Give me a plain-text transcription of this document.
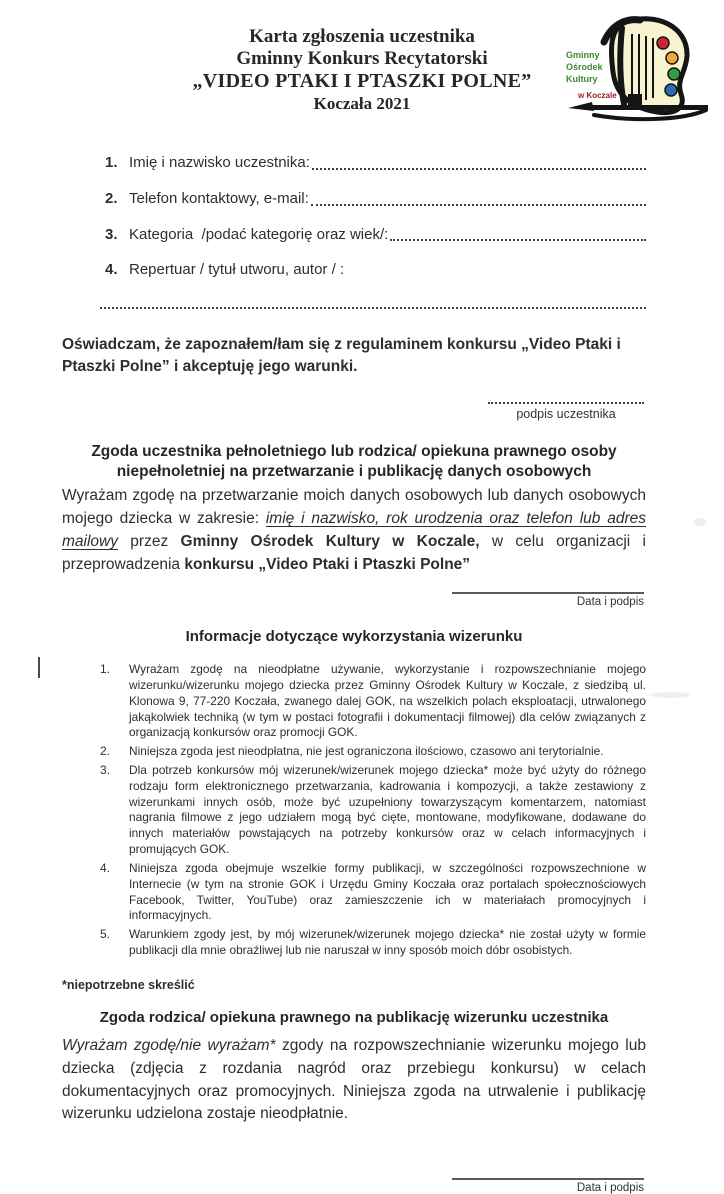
Karta zgłoszenia uczestnika
Gminny Konkurs Recytatorski
„VIDEO PTAKI I PTASZKI POLNE”
Koczała 2021
Gminny
Ośrodek
Kultury
w Koczale
1. Imię i nazwisko uczestnika:
2. Telefon kontaktowy, e-mail:
3. Kategoria  /podać kategorię oraz wiek/:
4. Repertuar / tytuł utworu, autor / :

Oświadczam, że zapoznałem/łam się z regulaminem konkursu „Video Ptaki i Ptaszki Polne” i akceptuję jego warunki.

podpis uczestnika
Zgoda uczestnika pełnoletniego lub rodzica/ opiekuna prawnego osoby niepełnoletniej na przetwarzanie i publikację danych osobowych

Wyrażam zgodę na przetwarzanie moich danych osobowych lub danych osobowych mojego dziecka w zakresie: imię i nazwisko, rok urodzenia oraz telefon lub adres mailowy przez Gminny Ośrodek Kultury w Koczale, w celu organizacji i przeprowadzenia konkursu „Video Ptaki i Ptaszki Polne”

Data i podpis
Informacje dotyczące wykorzystania wizerunku
1.	Wyrażam zgodę na nieodpłatne używanie, wykorzystanie i rozpowszechnianie mojego wizerunku/wizerunku mojego dziecka przez Gminny Ośrodek Kultury w Koczale, z siedzibą ul. Klonowa 9, 77-220 Koczała, zwanego dalej GOK, na wszelkich polach eksploatacji, utrwalonego jakąkolwiek techniką (w tym w postaci fotografii i dokumentacji filmowej) dla celów związanych z organizacją konkursów oraz promocji GOK.
2.	Niniejsza zgoda jest nieodpłatna, nie jest ograniczona ilościowo, czasowo ani terytorialnie.
3.	Dla potrzeb konkursów mój wizerunek/wizerunek mojego dziecka* może być użyty do różnego rodzaju form elektronicznego przetwarzania, kadrowania i kompozycji, a także zestawiony z wizerunkami innych osób, może być uzupełniony towarzyszącym komentarzem, natomiast nagrania filmowe z jego udziałem mogą być cięte, montowane, modyfikowane, dodawane do innych materiałów powstających na potrzeby konkursów oraz w celach informacyjnych i promujących GOK.
4.	Niniejsza zgoda obejmuje wszelkie formy publikacji, w szczególności rozpowszechnione w Internecie (w tym na stronie GOK i Urzędu Gminy Koczała oraz portalach społecznościowych Facebook, Twitter, YouTube) oraz zamieszczenie ich w materiałach promocyjnych i informacyjnych.
5.	Warunkiem zgody jest, by mój wizerunek/wizerunek mojego dziecka* nie został użyty w formie publikacji dla mnie obraźliwej lub nie naruszał w inny sposób moich dóbr osobistych.
*niepotrzebne skreślić
Zgoda rodzica/ opiekuna prawnego na publikację wizerunku uczestnika

Wyrażam zgodę/nie wyrażam* zgody na rozpowszechnianie wizerunku mojego lub dziecka (zdjęcia z rozdania nagród oraz przebiegu konkursu) w celach dokumentacyjnych oraz promocyjnych. Niniejsza zgoda na utrwalenie i publikację wizerunku udzielona zostaje nieodpłatnie.

Data i podpis
